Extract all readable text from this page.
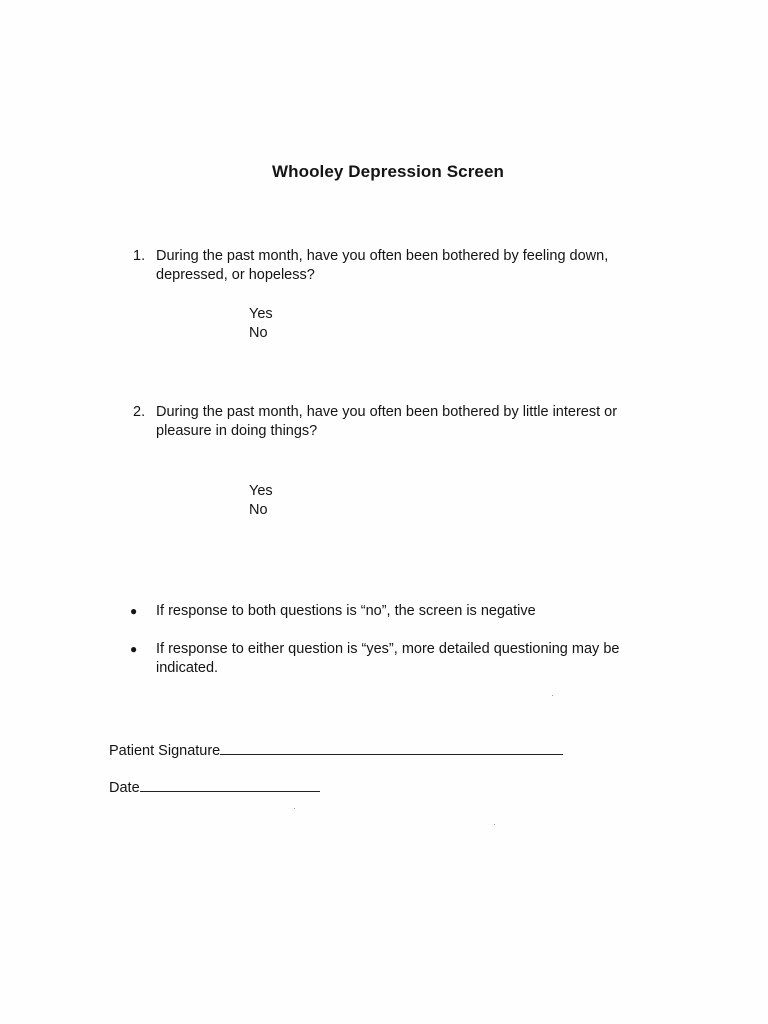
Whooley Depression Screen
1. During the past month, have you often been bothered by feeling down, depressed, or hopeless?
Yes
No
2. During the past month, have you often been bothered by little interest or pleasure in doing things?
Yes
No
● If response to both questions is “no”, the screen is negative
● If response to either question is “yes”, more detailed questioning may be indicated.
Patient Signature
Date
